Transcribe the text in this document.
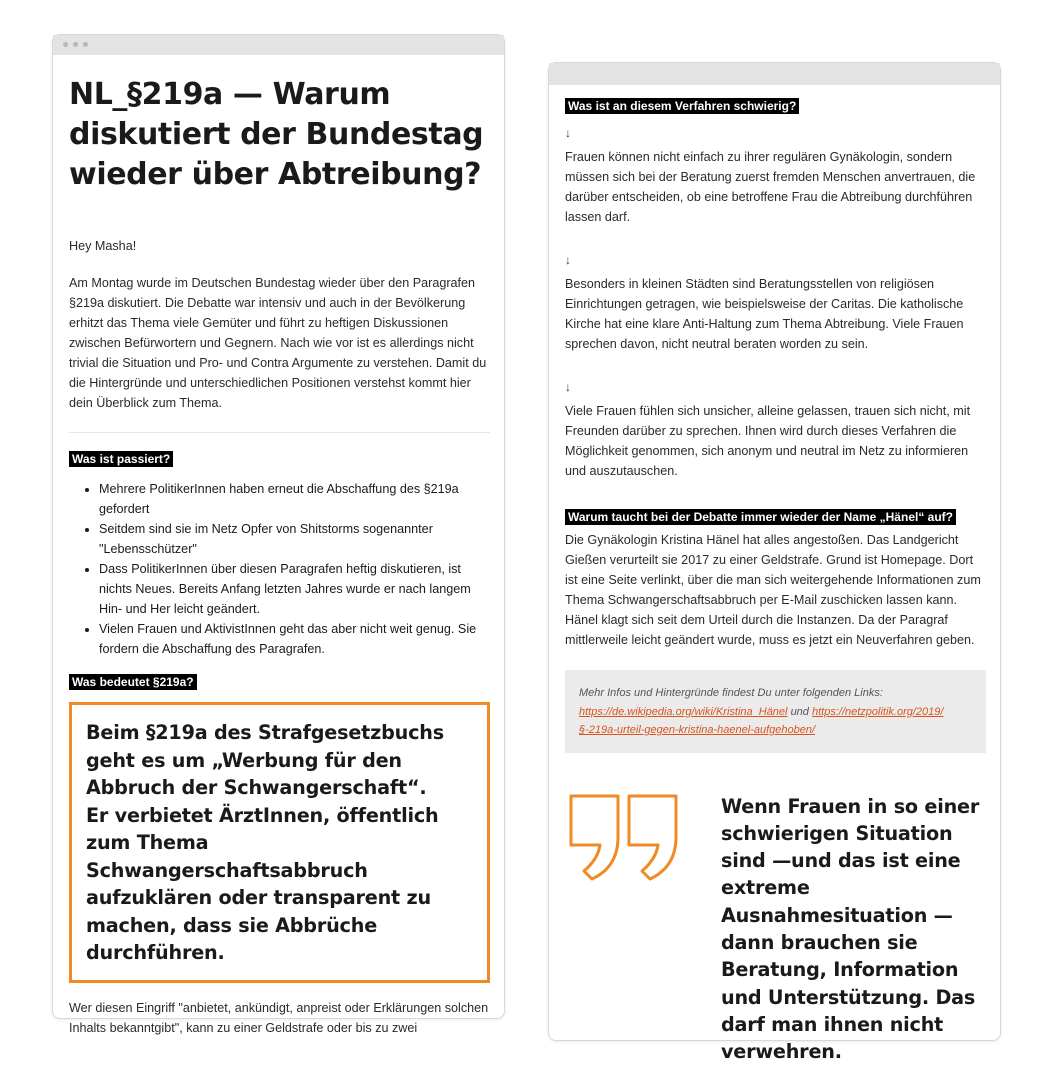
NL_§219a — Warum diskutiert der Bundestag wieder über Abtreibung?

Hey Masha!

Am Montag wurde im Deutschen Bundestag wieder über den Paragrafen §219a diskutiert. Die Debatte war intensiv und auch in der Bevölkerung erhitzt das Thema viele Gemüter und führt zu heftigen Diskussionen zwischen Befürwortern und Gegnern. Nach wie vor ist es allerdings nicht trivial die Situation und Pro- und Contra Argumente zu verstehen. Damit du die Hintergründe und unterschiedlichen Positionen verstehst kommt hier dein Überblick zum Thema.

Was ist passiert?
• Mehrere PolitikerInnen haben erneut die Abschaffung des §219a gefordert
• Seitdem sind sie im Netz Opfer von Shitstorms sogenannter "Lebensschützer"
• Dass PolitikerInnen über diesen Paragrafen heftig diskutieren, ist nichts Neues. Bereits Anfang letzten Jahres wurde er nach langem Hin- und Her leicht geändert.
• Vielen Frauen und AktivistInnen geht das aber nicht weit genug. Sie fordern die Abschaffung des Paragrafen.
Was bedeutet §219a?
Beim §219a des Strafgesetzbuchs geht es um „Werbung für den Abbruch der Schwangerschaft“.
Er verbietet ÄrztInnen, öffentlich zum Thema Schwangerschaftsabbruch aufzuklären oder transparent zu machen, dass sie Abbrüche durchführen.

Wer diesen Eingriff "anbietet, ankündigt, anpreist oder Erklärungen solchen Inhalts bekanntgibt", kann zu einer Geldstrafe oder bis zu zwei

Was ist an diesem Verfahren schwierig?
↓

Frauen können nicht einfach zu ihrer regulären Gynäkologin, sondern müssen sich bei der Beratung zuerst fremden Menschen anvertrauen, die darüber entscheiden, ob eine betroffene Frau die Abtreibung durchführen lassen darf.

↓

Besonders in kleinen Städten sind Beratungsstellen von religiösen Einrichtungen getragen, wie beispielsweise der Caritas. Die katholische Kirche hat eine klare Anti-Haltung zum Thema Abtreibung. Viele Frauen sprechen davon, nicht neutral beraten worden zu sein.

↓

Viele Frauen fühlen sich unsicher, alleine gelassen, trauen sich nicht, mit Freunden darüber zu sprechen. Ihnen wird durch dieses Verfahren die Möglichkeit genommen, sich anonym und neutral im Netz zu informieren und auszutauschen.

Warum taucht bei der Debatte immer wieder der Name „Hänel“ auf?

Die Gynäkologin Kristina Hänel hat alles angestoßen. Das Landgericht Gießen verurteilt sie 2017 zu einer Geldstrafe. Grund ist Homepage. Dort ist eine Seite verlinkt, über die man sich weitergehende Informationen zum Thema Schwangerschaftsabbruch per E-Mail zuschicken lassen kann. Hänel klagt sich seit dem Urteil durch die Instanzen. Da der Paragraf mittlerweile leicht geändert wurde, muss es jetzt ein Neuverfahren geben.

Mehr Infos und Hintergründe findest Du unter folgenden Links:
https://de.wikipedia.org/wiki/Kristina_Hänel und https://netzpolitik.org/2019/§-219a-urteil-gegen-kristina-haenel-aufgehoben/
Wenn Frauen in so einer schwierigen Situation sind —und das ist eine extreme Ausnahmesituation — dann brauchen sie Beratung, Information und Unterstützung. Das darf man ihnen nicht verwehren.
